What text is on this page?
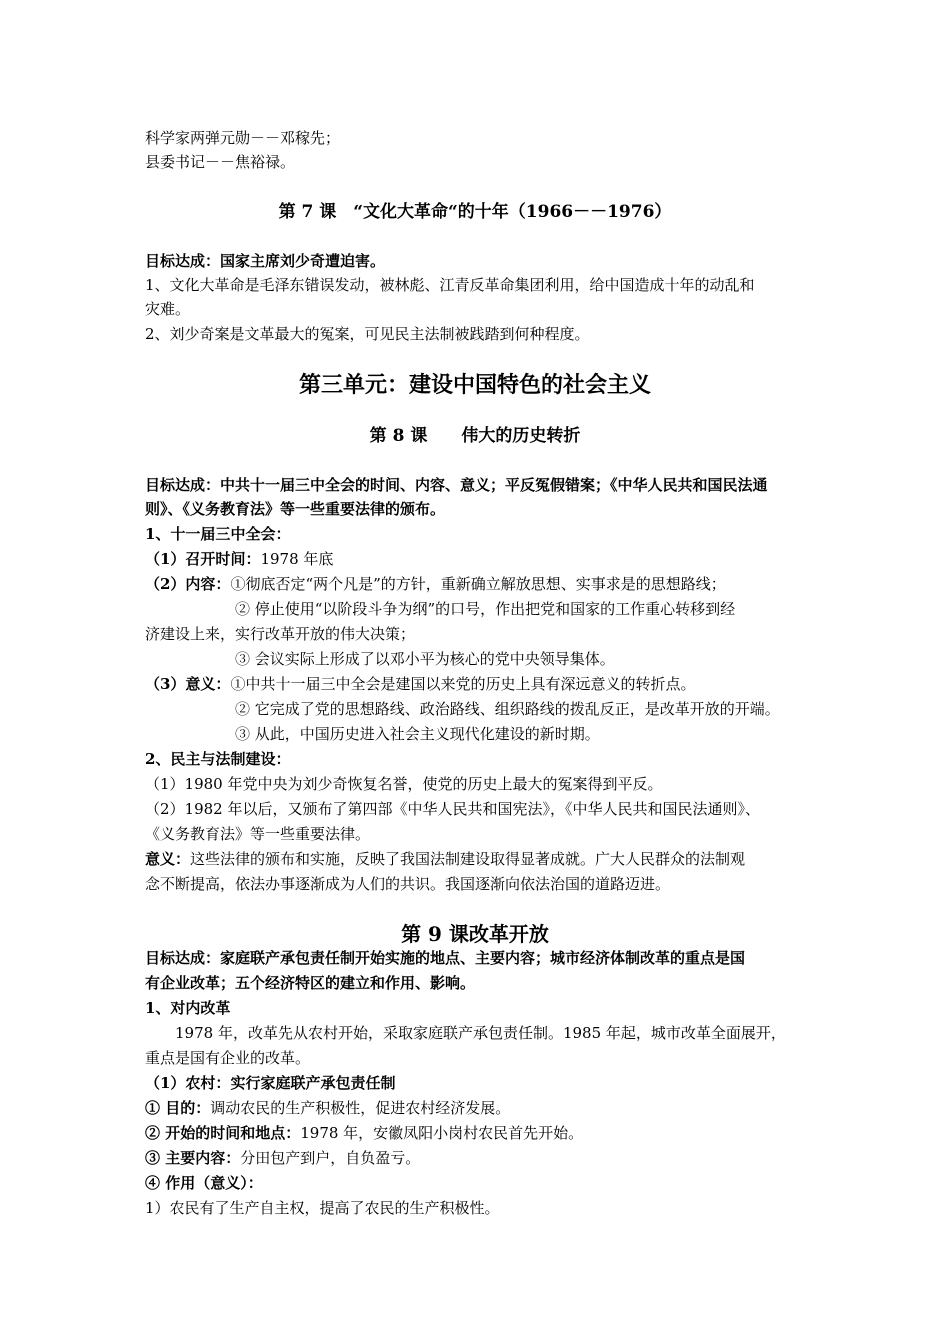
科学家两弹元勋－－邓稼先；
县委书记－－焦裕禄。
第 7 课　“文化大革命“的十年（1966－－1976）
目标达成：国家主席刘少奇遭迫害。
1、文化大革命是毛泽东错误发动，被林彪、江青反革命集团利用，给中国造成十年的动乱和
灾难。
2、刘少奇案是文革最大的冤案，可见民主法制被践踏到何种程度。
第三单元：建设中国特色的社会主义
第 8 课　　伟大的历史转折
目标达成：中共十一届三中全会的时间、内容、意义；平反冤假错案；《中华人民共和国民法通
则》、《义务教育法》等一些重要法律的颁布。
1、十一届三中全会：
（1）召开时间：1978 年底
（2）内容：①彻底否定“两个凡是”的方针，重新确立解放思想、实事求是的思想路线；
② 停止使用“以阶段斗争为纲”的口号，作出把党和国家的工作重心转移到经
济建设上来，实行改革开放的伟大决策；
③ 会议实际上形成了以邓小平为核心的党中央领导集体。
（3）意义：①中共十一届三中全会是建国以来党的历史上具有深远意义的转折点。
② 它完成了党的思想路线、政治路线、组织路线的拨乱反正，是改革开放的开端。
③ 从此，中国历史进入社会主义现代化建设的新时期。
2、民主与法制建设：
（1）1980 年党中央为刘少奇恢复名誉，使党的历史上最大的冤案得到平反。
（2）1982 年以后，又颁布了第四部《中华人民共和国宪法》，《中华人民共和国民法通则》、
《义务教育法》等一些重要法律。
意义：这些法律的颁布和实施，反映了我国法制建设取得显著成就。广大人民群众的法制观
念不断提高，依法办事逐渐成为人们的共识。我国逐渐向依法治国的道路迈进。
第 9 课改革开放
目标达成：家庭联产承包责任制开始实施的地点、主要内容；城市经济体制改革的重点是国
有企业改革；五个经济特区的建立和作用、影响。
1、对内改革
1978 年，改革先从农村开始，采取家庭联产承包责任制。1985 年起，城市改革全面展开，
重点是国有企业的改革。
（1）农村：实行家庭联产承包责任制
① 目的：调动农民的生产积极性，促进农村经济发展。
② 开始的时间和地点：1978 年，安徽凤阳小岗村农民首先开始。
③ 主要内容：分田包产到户，自负盈亏。
④ 作用（意义）：
1）农民有了生产自主权，提高了农民的生产积极性。
